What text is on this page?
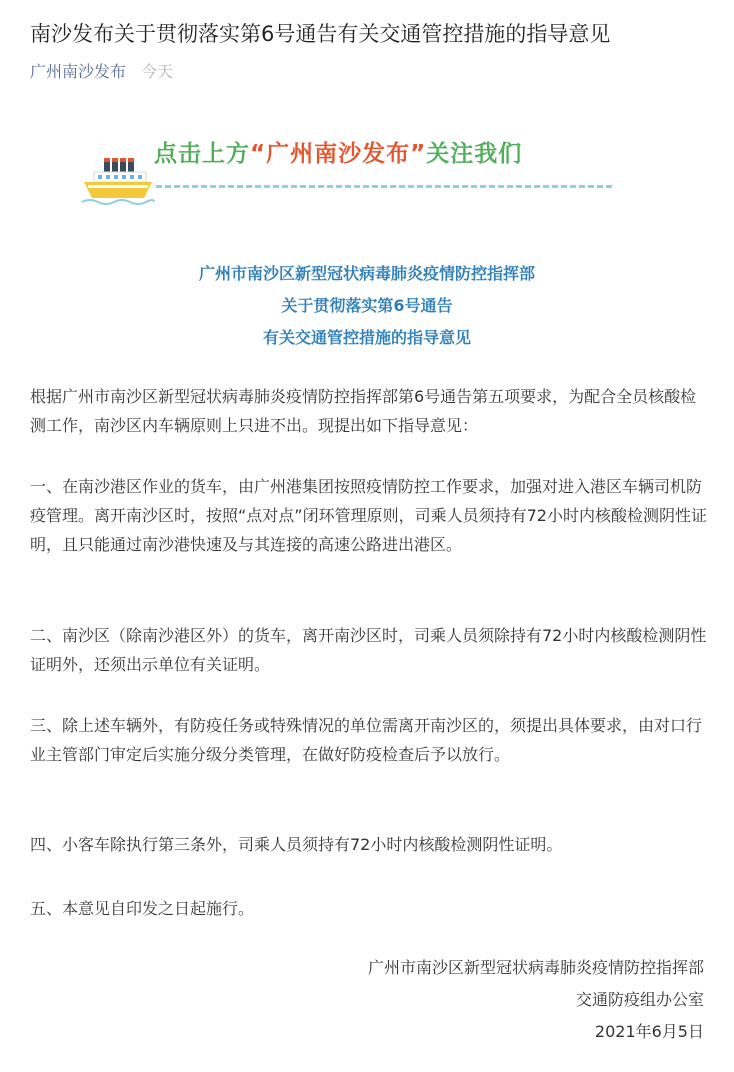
南沙发布关于贯彻落实第6号通告有关交通管控措施的指导意见
广州南沙发布 今天
点击上方“广州南沙发布”关注我们
广州市南沙区新型冠状病毒肺炎疫情防控指挥部
关于贯彻落实第6号通告
有关交通管控措施的指导意见

根据广州市南沙区新型冠状病毒肺炎疫情防控指挥部第6号通告第五项要求，为配合全员核酸检测工作，南沙区内车辆原则上只进不出。现提出如下指导意见：

一、在南沙港区作业的货车，由广州港集团按照疫情防控工作要求，加强对进入港区车辆司机防疫管理。离开南沙区时，按照“点对点”闭环管理原则，司乘人员须持有72小时内核酸检测阴性证明，且只能通过南沙港快速及与其连接的高速公路进出港区。

二、南沙区（除南沙港区外）的货车，离开南沙区时，司乘人员须除持有72小时内核酸检测阴性证明外，还须出示单位有关证明。

三、除上述车辆外，有防疫任务或特殊情况的单位需离开南沙区的，须提出具体要求，由对口行业主管部门审定后实施分级分类管理，在做好防疫检查后予以放行。

四、小客车除执行第三条外，司乘人员须持有72小时内核酸检测阴性证明。

五、本意见自印发之日起施行。

广州市南沙区新型冠状病毒肺炎疫情防控指挥部
交通防疫组办公室
2021年6月5日
